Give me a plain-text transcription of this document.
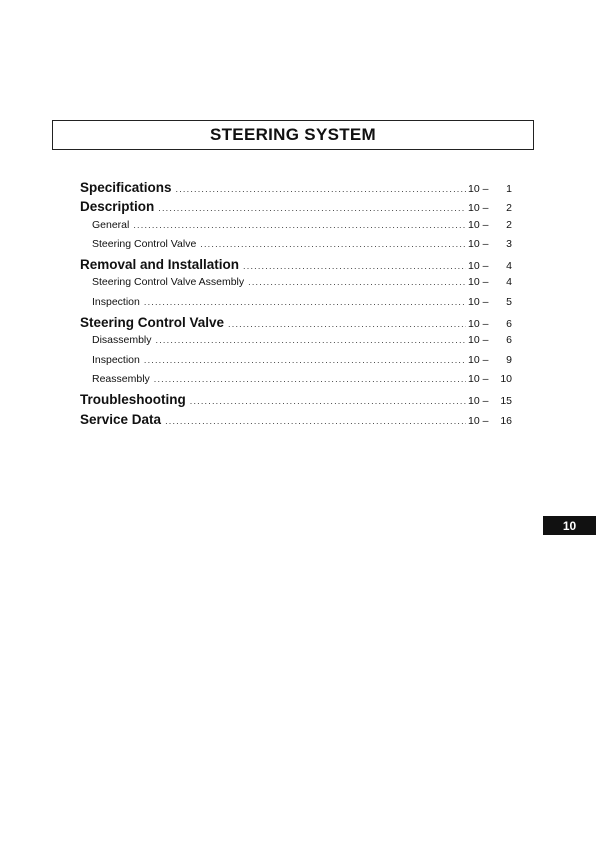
STEERING SYSTEM
Specifications .....	10 – 1
Description .....	10 – 2
General .....	10 – 2
Steering Control Valve .....	10 – 3
Removal and Installation .....	10 – 4
Steering Control Valve Assembly .....	10 – 4
Inspection .....	10 – 5
Steering Control Valve .....	10 – 6
Disassembly .....	10 – 6
Inspection .....	10 – 9
Reassembly .....	10 – 10
Troubleshooting .....	10 – 15
Service Data .....	10 – 16
10
